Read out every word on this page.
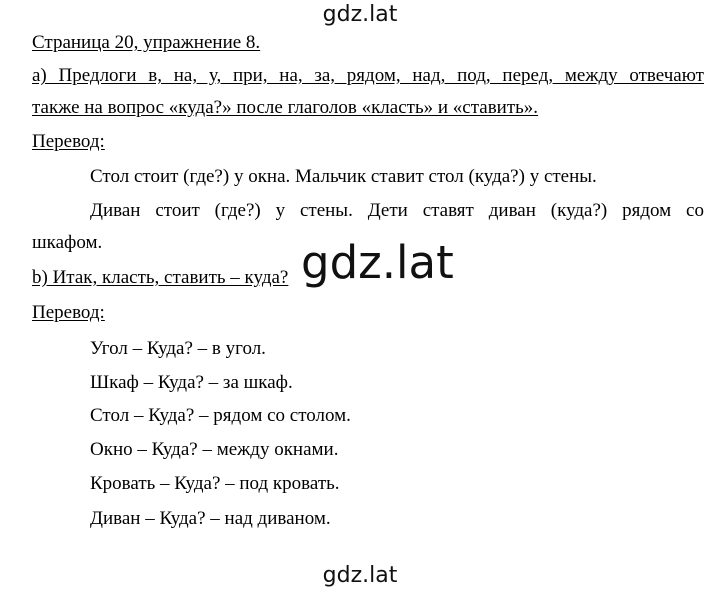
gdz.lat
Страница 20, упражнение 8.
а) Предлоги в, на, у, при, на, за, рядом, над, под, перед, между отвечают
также на вопрос «куда?» после глаголов «класть» и «ставить».
Перевод:
Стол стоит (где?) у окна. Мальчик ставит стол (куда?) у стены.
Диван стоит (где?) у стены. Дети ставят диван (куда?) рядом со
шкафом.	gdz.lat
b) Итак, класть, ставить – куда?
Перевод:
Угол – Куда? – в угол.
Шкаф – Куда? – за шкаф.
Стол – Куда? – рядом со столом.
Окно – Куда? – между окнами.
Кровать – Куда? – под кровать.
Диван – Куда? – над диваном.
gdz.lat
